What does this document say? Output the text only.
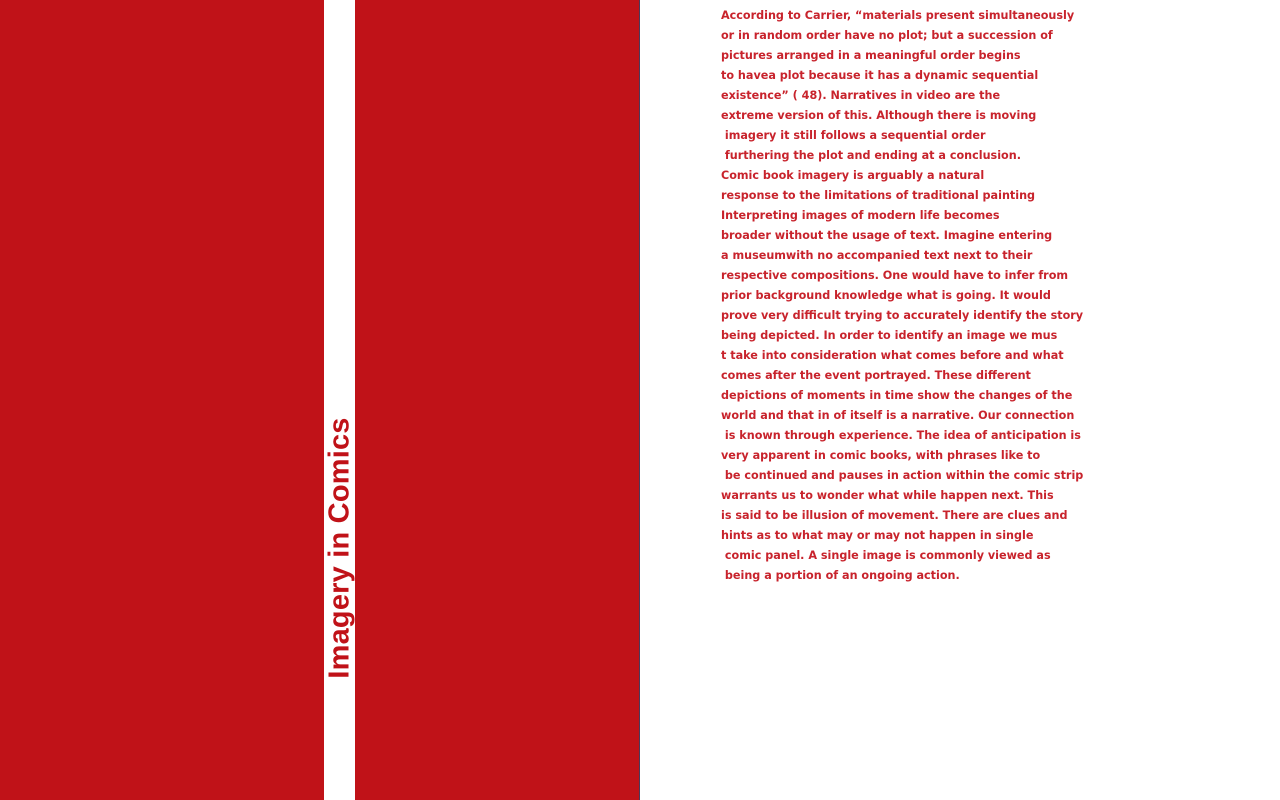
Imagery in Comics
According to Carrier, “materials present simultaneously
or in random order have no plot; but a succession of
pictures arranged in a meaningful order begins
to havea plot because it has a dynamic sequential
existence” ( 48). Narratives in video are the
extreme version of this. Although there is moving
imagery it still follows a sequential order
furthering the plot and ending at a conclusion.
Comic book imagery is arguably a natural
response to the limitations of traditional painting
Interpreting images of modern life becomes
broader without the usage of text. Imagine entering
a museumwith no accompanied text next to their
respective compositions. One would have to infer from
prior background knowledge what is going. It would
prove very difficult trying to accurately identify the story
being depicted. In order to identify an image we mus
t take into consideration what comes before and what
comes after the event portrayed. These different
depictions of moments in time show the changes of the
world and that in of itself is a narrative. Our connection
is known through experience. The idea of anticipation is
very apparent in comic books, with phrases like to
be continued and pauses in action within the comic strip
warrants us to wonder what while happen next. This
is said to be illusion of movement. There are clues and
hints as to what may or may not happen in single
comic panel. A single image is commonly viewed as
being a portion of an ongoing action.
